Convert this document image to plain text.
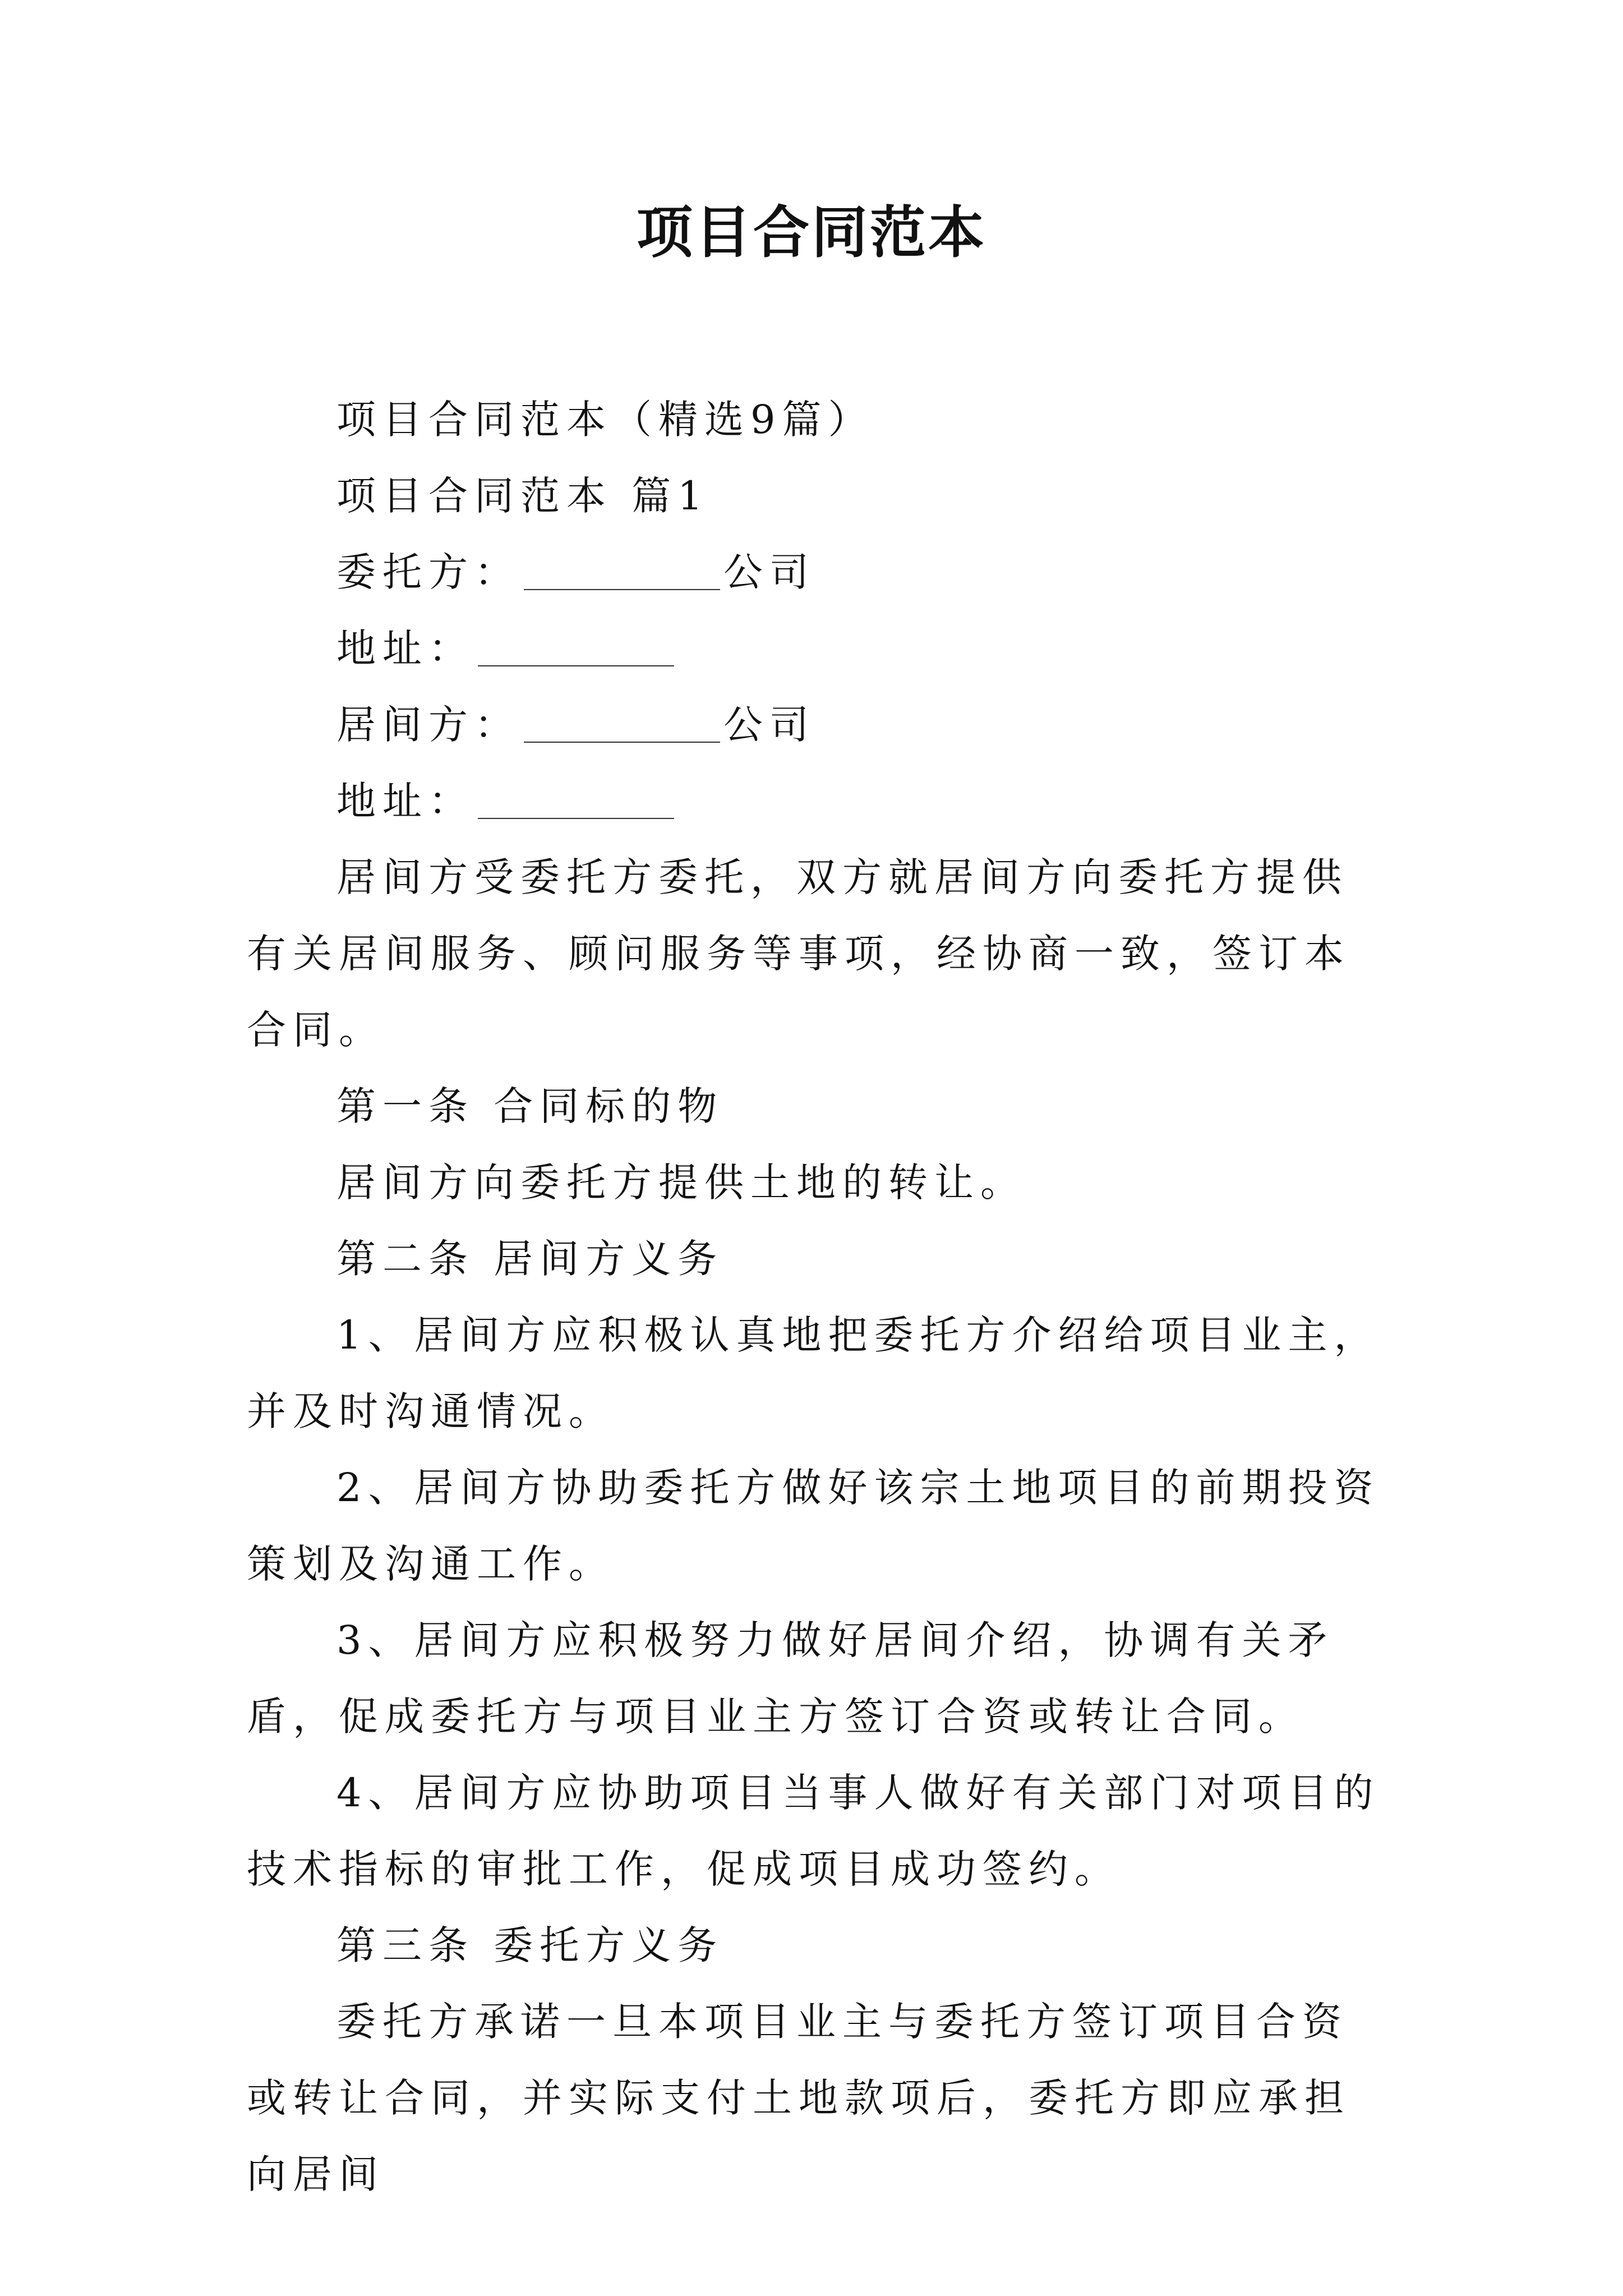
项目合同范本

项目合同范本（精选9篇）

项目合同范本 篇1

委托方：	公司

地址：

居间方：	公司

地址：

居间方受委托方委托，双方就居间方向委托方提供有关居间服务、顾问服务等事项，经协商一致，签订本合同。

第一条 合同标的物

居间方向委托方提供土地的转让。

第二条 居间方义务

1、居间方应积极认真地把委托方介绍给项目业主，并及时沟通情况。

2、居间方协助委托方做好该宗土地项目的前期投资策划及沟通工作。

3、居间方应积极努力做好居间介绍，协调有关矛盾，促成委托方与项目业主方签订合资或转让合同。

4、居间方应协助项目当事人做好有关部门对项目的技术指标的审批工作，促成项目成功签约。

第三条 委托方义务

委托方承诺一旦本项目业主与委托方签订项目合资或转让合同，并实际支付土地款项后，委托方即应承担向居间
